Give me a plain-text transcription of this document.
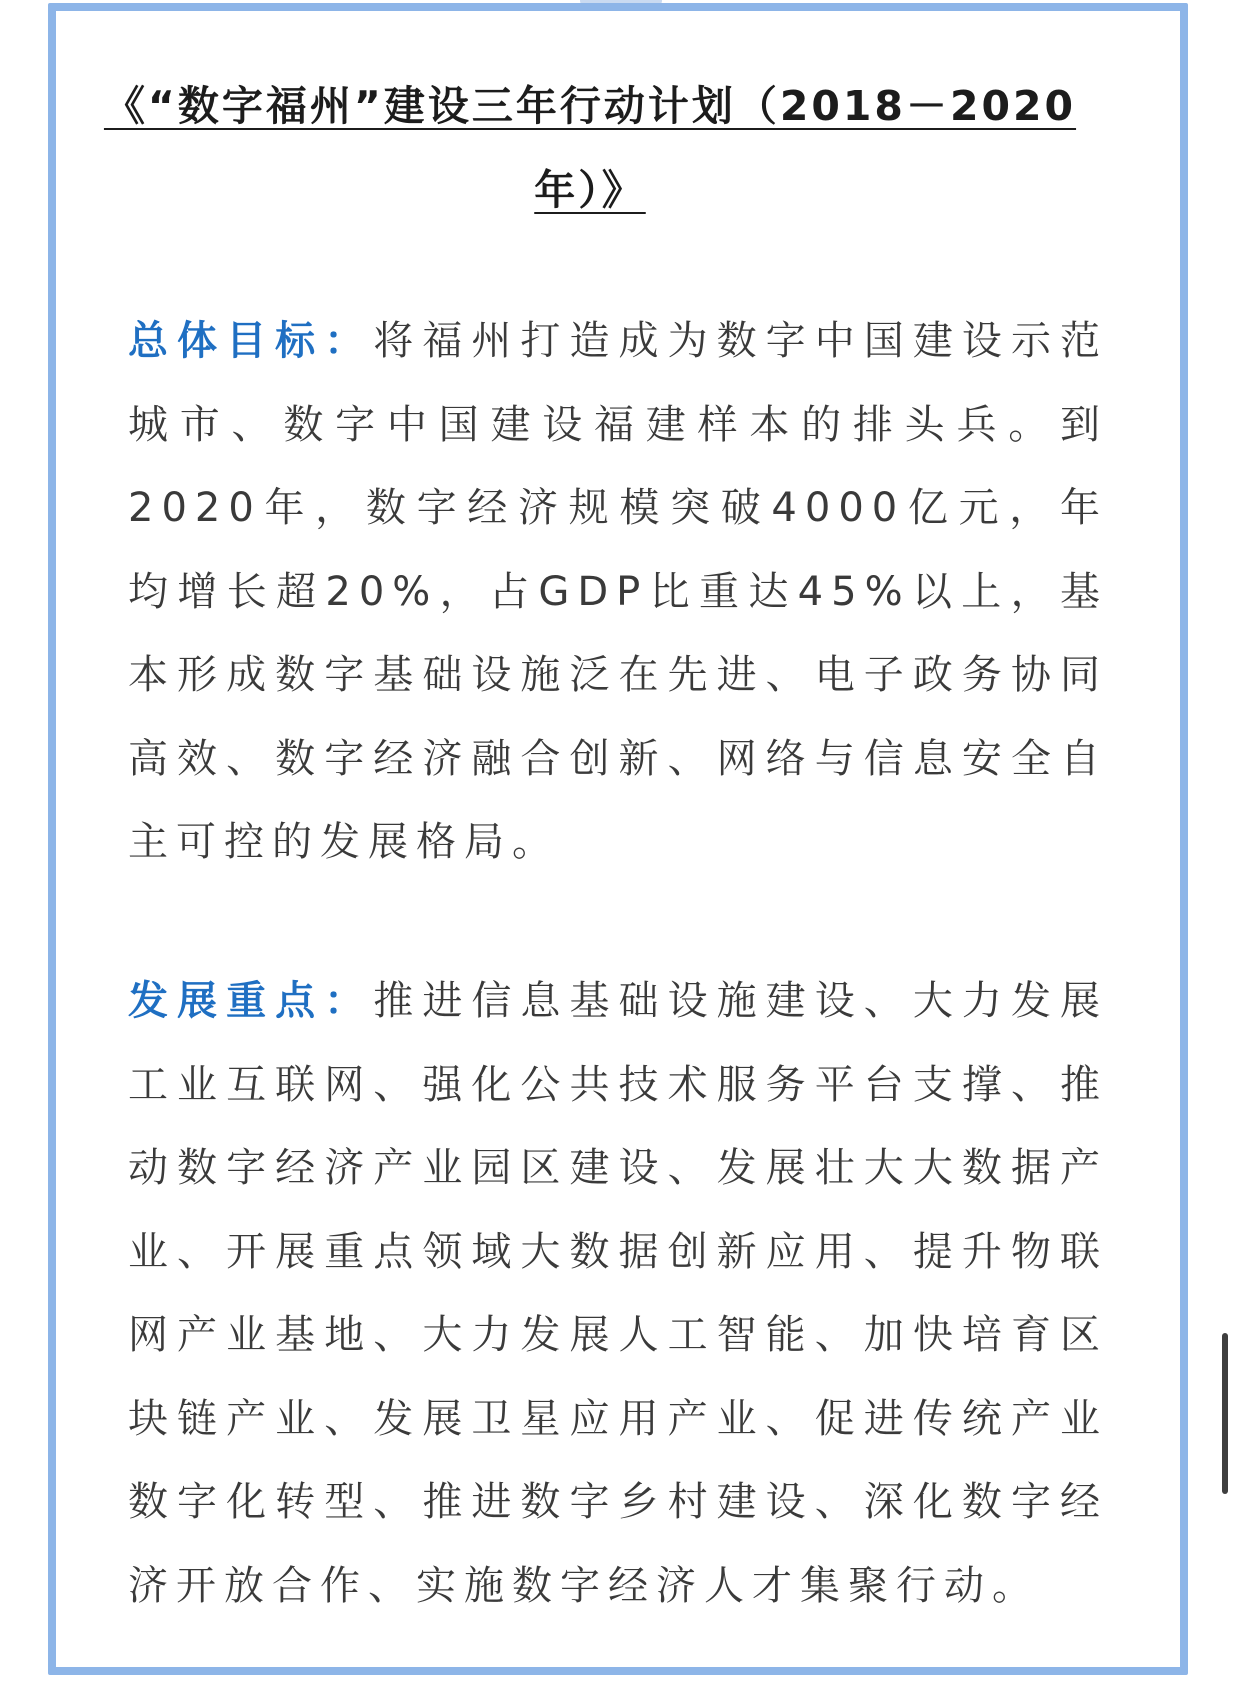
《“数字福州”建设三年行动计划（2018－2020
年）》
总体目标：将福州打造成为数字中国建设示范城市、数字中国建设福建样本的排头兵。到2020年，数字经济规模突破4000亿元，年均增长超20%，占GDP比重达45%以上，基本形成数字基础设施泛在先进、电子政务协同高效、数字经济融合创新、网络与信息安全自主可控的发展格局。
发展重点：推进信息基础设施建设、大力发展工业互联网、强化公共技术服务平台支撑、推动数字经济产业园区建设、发展壮大大数据产业、开展重点领域大数据创新应用、提升物联网产业基地、大力发展人工智能、加快培育区块链产业、发展卫星应用产业、促进传统产业数字化转型、推进数字乡村建设、深化数字经济开放合作、实施数字经济人才集聚行动。
